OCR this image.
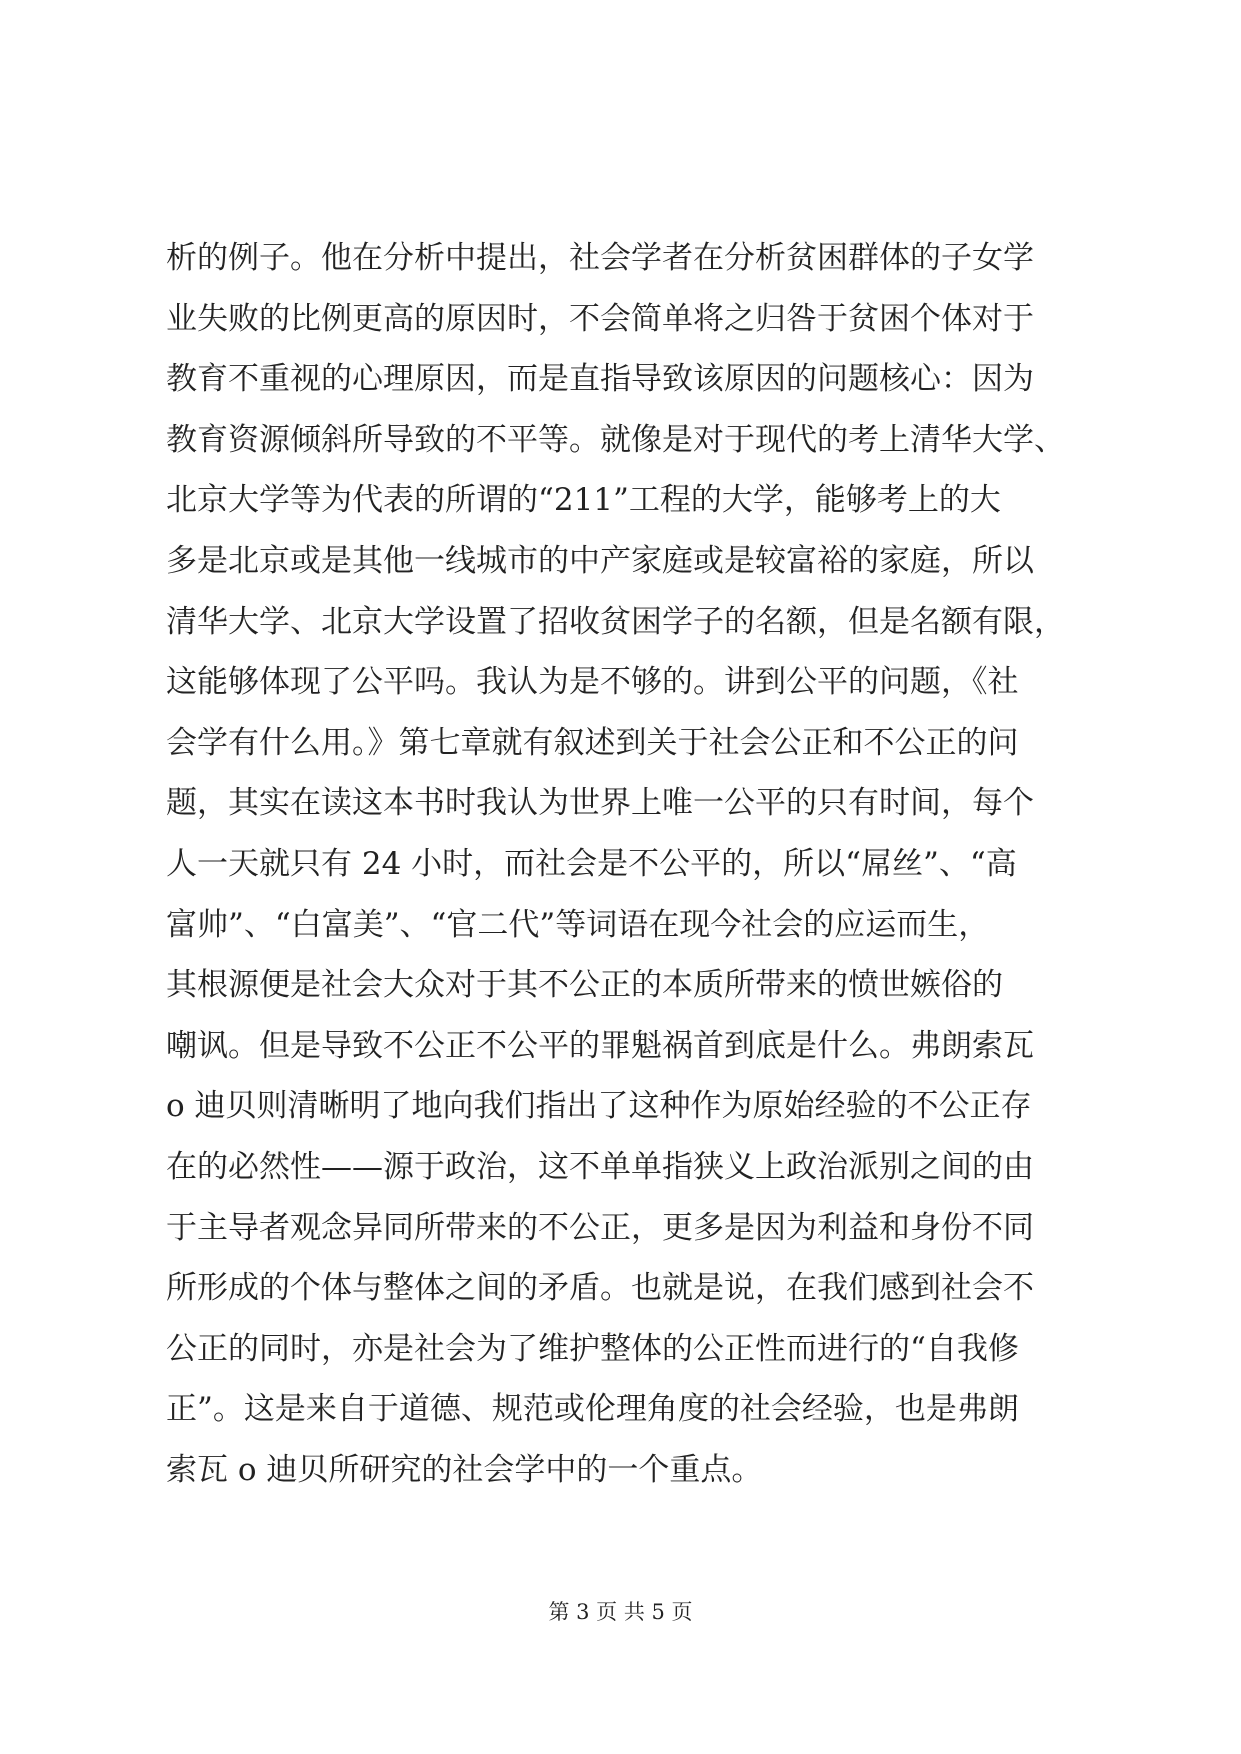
析的例子。他在分析中提出，社会学者在分析贫困群体的子女学
业失败的比例更高的原因时，不会简单将之归咎于贫困个体对于
教育不重视的心理原因，而是直指导致该原因的问题核心：因为
教育资源倾斜所导致的不平等。就像是对于现代的考上清华大学、
北京大学等为代表的所谓的“211”工程的大学，能够考上的大
多是北京或是其他一线城市的中产家庭或是较富裕的家庭，所以
清华大学、北京大学设置了招收贫困学子的名额，但是名额有限，
这能够体现了公平吗。我认为是不够的。讲到公平的问题，《社
会学有什么用。》第七章就有叙述到关于社会公正和不公正的问
题，其实在读这本书时我认为世界上唯一公平的只有时间，每个
人一天就只有 24 小时，而社会是不公平的，所以“屌丝”、“高
富帅”、“白富美”、“官二代”等词语在现今社会的应运而生，
其根源便是社会大众对于其不公正的本质所带来的愤世嫉俗的
嘲讽。但是导致不公正不公平的罪魁祸首到底是什么。弗朗索瓦
o 迪贝则清晰明了地向我们指出了这种作为原始经验的不公正存
在的必然性——源于政治，这不单单指狭义上政治派别之间的由
于主导者观念异同所带来的不公正，更多是因为利益和身份不同
所形成的个体与整体之间的矛盾。也就是说，在我们感到社会不
公正的同时，亦是社会为了维护整体的公正性而进行的“自我修
正”。这是来自于道德、规范或伦理角度的社会经验，也是弗朗
索瓦 o 迪贝所研究的社会学中的一个重点。
第 3 页 共 5 页
